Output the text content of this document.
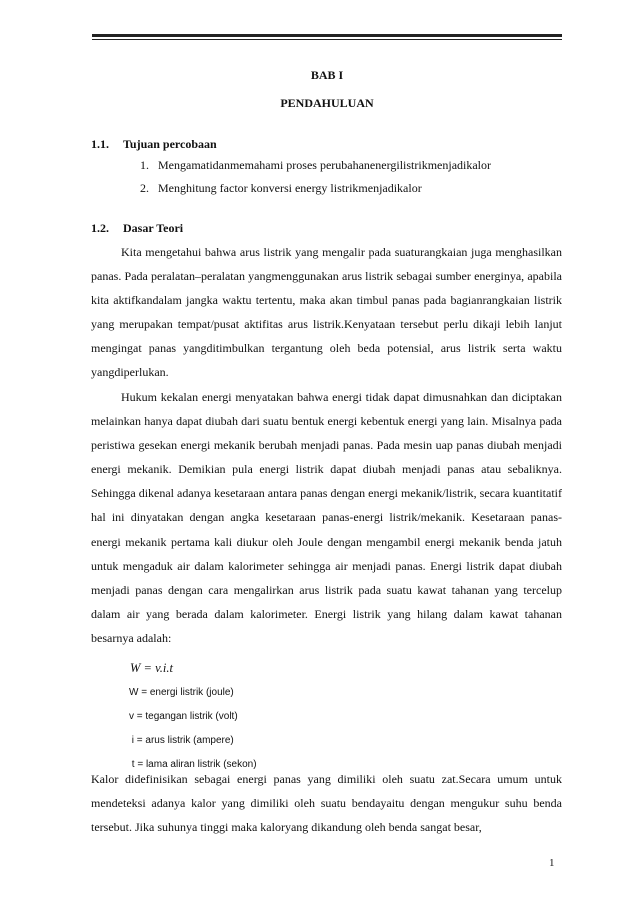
BAB I
PENDAHULUAN
1.1. Tujuan percobaan
1. Mengamatidanmemahami proses perubahanenergilistrikmenjadikalor
2. Menghitung factor konversi energy listrikmenjadikalor
1.2. Dasar Teori

Kita mengetahui bahwa arus listrik yang mengalir pada suaturangkaian juga menghasilkan panas. Pada peralatan–peralatan yangmenggunakan arus listrik sebagai sumber energinya, apabila kita aktifkandalam jangka waktu tertentu, maka akan timbul panas pada bagianrangkaian listrik yang merupakan tempat/pusat aktifitas arus listrik.Kenyataan tersebut perlu dikaji lebih lanjut mengingat panas yangditimbulkan tergantung oleh beda potensial, arus listrik serta waktu yangdiperlukan.

Hukum kekalan energi menyatakan bahwa energi tidak dapat dimusnahkan dan diciptakan melainkan hanya dapat diubah dari suatu bentuk energi kebentuk energi yang lain. Misalnya pada peristiwa gesekan energi mekanik berubah menjadi panas. Pada mesin uap panas diubah menjadi energi mekanik. Demikian pula energi listrik dapat diubah menjadi panas atau sebaliknya. Sehingga dikenal adanya kesetaraan antara panas dengan energi mekanik/listrik, secara kuantitatif hal ini dinyatakan dengan angka kesetaraan panas-energi listrik/mekanik. Kesetaraan panas-energi mekanik pertama kali diukur oleh Joule dengan mengambil energi mekanik benda jatuh untuk mengaduk air dalam kalorimeter sehingga air menjadi panas. Energi listrik dapat diubah menjadi panas dengan cara mengalirkan arus listrik pada suatu kawat tahanan yang tercelup dalam air yang berada dalam kalorimeter. Energi listrik yang hilang dalam kawat tahanan besarnya adalah:

W = v.i.t
W = energi listrik (joule)
v = tegangan listrik (volt)
i = arus listrik (ampere)
t = lama aliran listrik (sekon)

Kalor didefinisikan sebagai energi panas yang dimiliki oleh suatu zat.Secara umum untuk mendeteksi adanya kalor yang dimiliki oleh suatu bendayaitu dengan mengukur suhu benda tersebut. Jika suhunya tinggi maka kaloryang dikandung oleh benda sangat besar,

1
